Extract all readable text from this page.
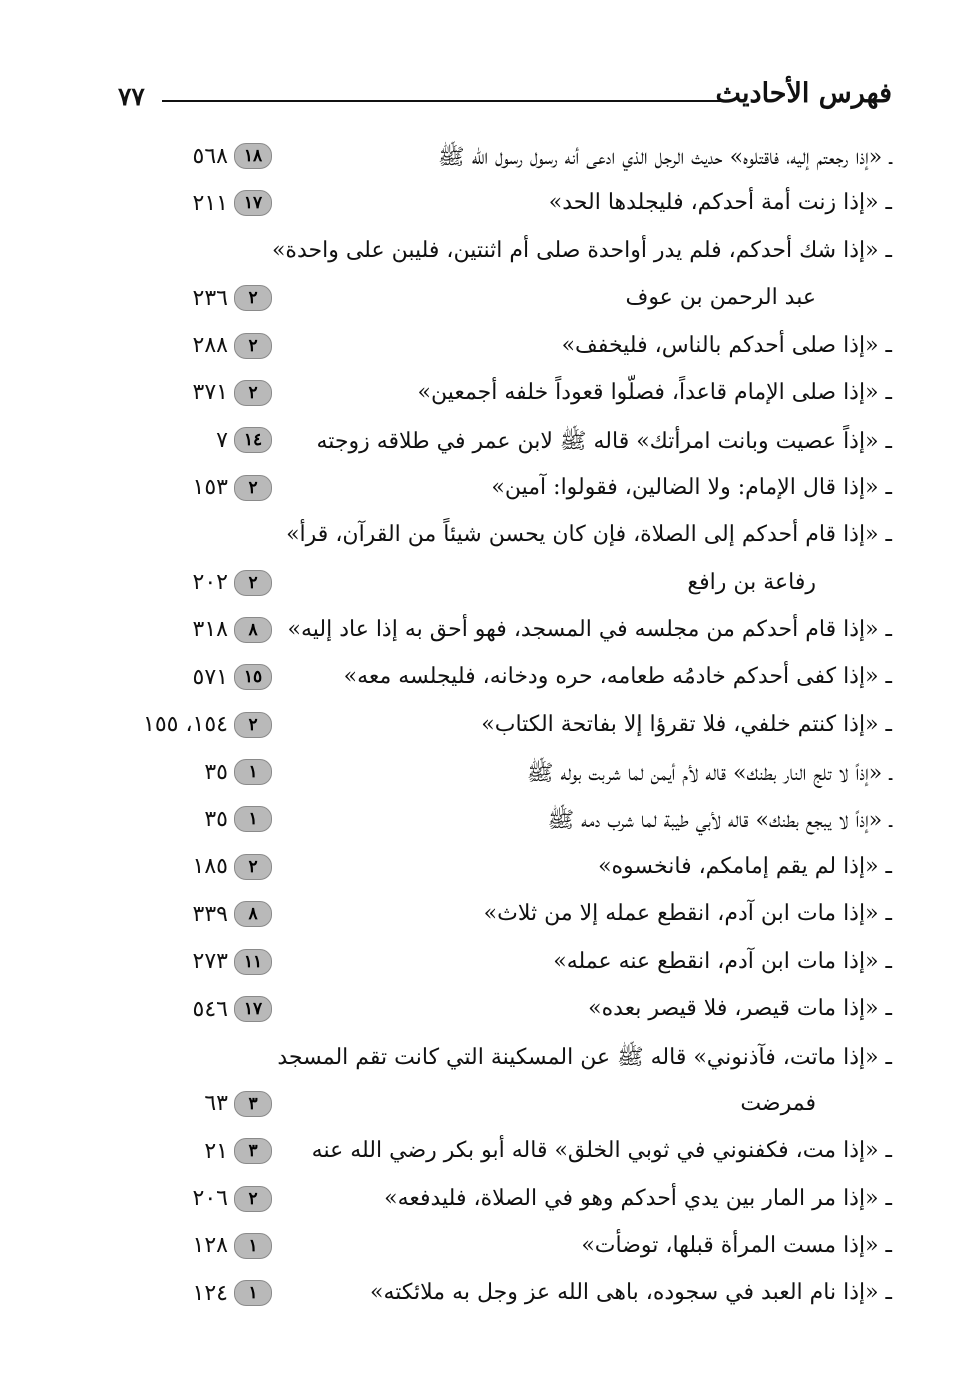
٧٧	فهرس الأحاديث
ـ «إذا رجعتم إليه، فاقتلوه» حديث الرجل الذي ادعى أنه رسول رسول الله ﷺ
١٨
٥٦٨
ـ «إذا زنت أمة أحدكم، فليجلدها الحد»
١٧
٢١١
ـ «إذا شك أحدكم، فلم يدر أواحدة صلى أم اثنتين، فليبن على واحدة»
عبد الرحمن بن عوف
٢
٢٣٦
ـ «إذا صلى أحدكم بالناس، فليخفف»
٢
٢٨٨
ـ «إذا صلى الإمام قاعداً، فصلّوا قعوداً خلفه أجمعين»
٢
٣٧١
ـ «إذاً عصيت وبانت امرأتك» قاله ﷺ لابن عمر في طلاقه زوجته
١٤
٧
ـ «إذا قال الإمام: ولا الضالين، فقولوا: آمين»
٢
١٥٣
ـ «إذا قام أحدكم إلى الصلاة، فإن كان يحسن شيئاً من القرآن، قرأ»
رفاعة بن رافع
٢
٢٠٢
ـ «إذا قام أحدكم من مجلسه في المسجد، فهو أحق به إذا عاد إليه»
٨
٣١٨
ـ «إذا كفى أحدكم خادمُه طعامه، حره ودخانه، فليجلسه معه»
١٥
٥٧١
ـ «إذا كنتم خلفي، فلا تقرؤا إلا بفاتحة الكتاب»
٢
١٥٤، ١٥٥
ـ «إذاً لا تلج النار بطنك» قاله لأم أيمن لما شربت بوله ﷺ
١
٣٥
ـ «إذاً لا يبجع بطنك» قاله لأبي طيبة لما شرب دمه ﷺ
١
٣٥
ـ «إذا لم يقم إمامكم، فانخسوه»
٢
١٨٥
ـ «إذا مات ابن آدم، انقطع عمله إلا من ثلاث»
٨
٣٣٩
ـ «إذا مات ابن آدم، انقطع عنه عمله»
١١
٢٧٣
ـ «إذا مات قيصر، فلا قيصر بعده»
١٧
٥٤٦
ـ «إذا ماتت، فآذنوني» قاله ﷺ عن المسكينة التي كانت تقم المسجد
فمرضت
٣
٦٣
ـ «إذا مت، فكفنوني في ثوبي الخلق» قاله أبو بكر رضي الله عنه
٣
٢١
ـ «إذا مر المار بين يدي أحدكم وهو في الصلاة، فليدفعه»
٢
٢٠٦
ـ «إذا مست المرأة قبلها، توضأت»
١
١٢٨
ـ «إذا نام العبد في سجوده، باهى الله عز وجل به ملائكته»
١
١٢٤
